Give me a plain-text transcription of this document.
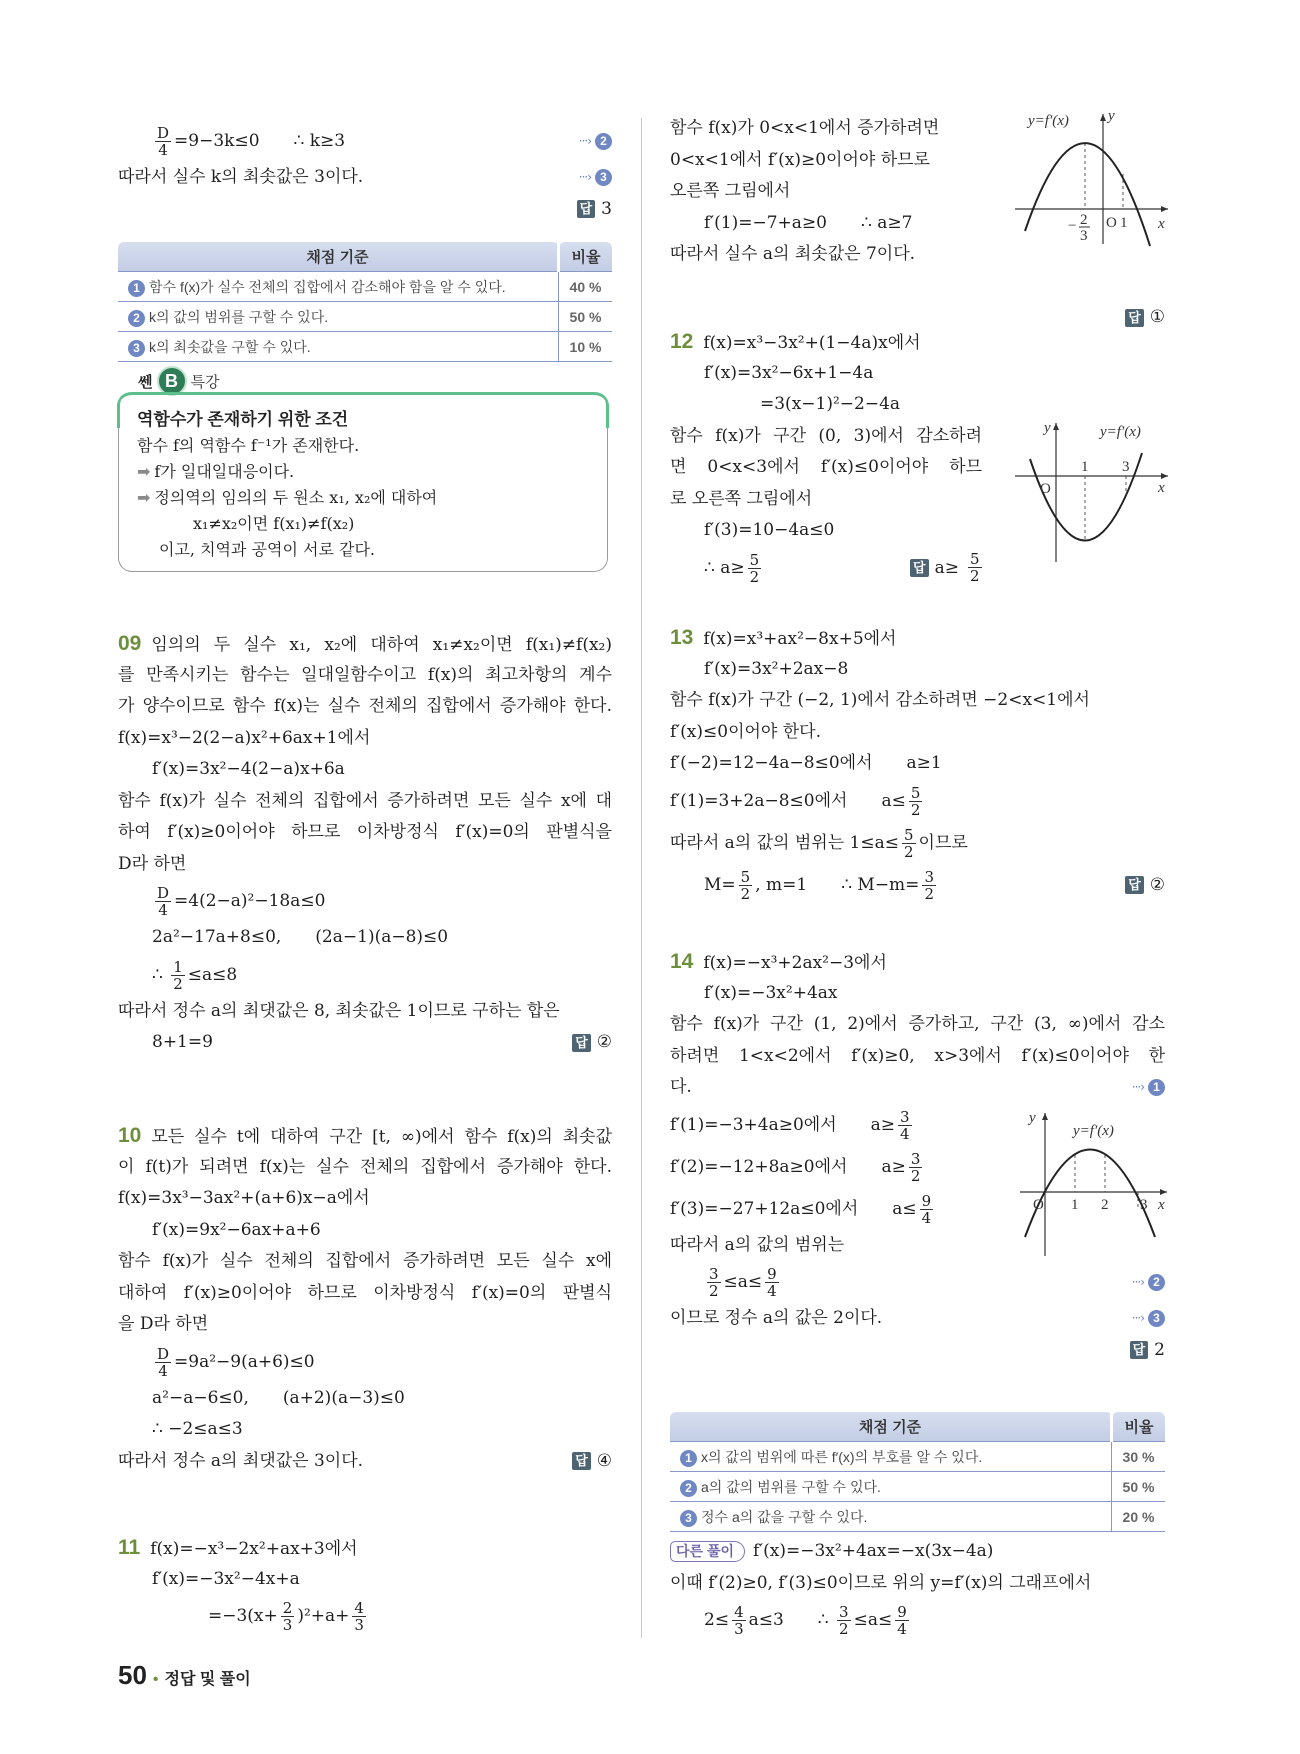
$\frac{D}{4} =9-3k\le 0$  ∴ k≥3	···› 2
따라서 실수 k의 최솟값은 3이다.	···› 3
답 3
채점 기준	비율
1 함수 f(x)가 실수 전체의 집합에서 감소해야 함을 알 수 있다.	40 %
2 k의 값의 범위를 구할 수 있다.	50 %
3 k의 최솟값을 구할 수 있다.	10 %
쎈 B 특강
역함수가 존재하기 위한 조건
함수 f의 역함수 f⁻¹가 존재한다.
➡ f가 일대일대응이다.
➡ 정의역의 임의의 두 원소 x₁, x₂에 대하여
x₁≠x₂이면 f(x₁)≠f(x₂)
이고, 치역과 공역이 서로 같다.
09 임의의 두 실수 x₁, x₂에 대하여 x₁≠x₂이면 f(x₁)≠f(x₂)
를 만족시키는 함수는 일대일함수이고 f(x)의 최고차항의 계수
가 양수이므로 함수 f(x)는 실수 전체의 집합에서 증가해야 한다.
f(x)=x³−2(2−a)x²+6ax+1에서
f′(x)=3x²−4(2−a)x+6a
함수 f(x)가 실수 전체의 집합에서 증가하려면 모든 실수 x에 대
하여 f′(x)≥0이어야 하므로 이차방정식 f′(x)=0의 판별식을
D라 하면
$\frac{D}{4} =4(2-a)^2-18a\le 0$
2a²−17a+8≤0,  (2a−1)(a−8)≤0
∴ $\frac{1}{2} \le a\le 8$
따라서 정수 a의 최댓값은 8, 최솟값은 1이므로 구하는 합은
8+1=9	답 ②
10 모든 실수 t에 대하여 구간 [t, ∞)에서 함수 f(x)의 최솟값
이 f(t)가 되려면 f(x)는 실수 전체의 집합에서 증가해야 한다.
f(x)=3x³−3ax²+(a+6)x−a에서
f′(x)=9x²−6ax+a+6
함수 f(x)가 실수 전체의 집합에서 증가하려면 모든 실수 x에
대하여 f′(x)≥0이어야 하므로 이차방정식 f′(x)=0의 판별식
을 D라 하면
$\frac{D}{4} =9a^2-9(a+6)\le 0$
a²−a−6≤0,  (a+2)(a−3)≤0
∴ −2≤a≤3
따라서 정수 a의 최댓값은 3이다.	답 ④
11 f(x)=−x³−2x²+ax+3에서
f′(x)=−3x²−4x+a
$=-3(x+ \frac{2}{3} )^2+a+ \frac{4}{3}$
50 • 정답 및 풀이
함수 f(x)가 0<x<1에서 증가하려면
0<x<1에서 f′(x)≥0이어야 하므로
오른쪽 그림에서
f′(1)=−7+a≥0  ∴ a≥7
따라서 실수 a의 최솟값은 7이다.
답 ①
y=f′(x)	y
x
O 1
− 2
3
12 f(x)=x³−3x²+(1−4a)x에서
f′(x)=3x²−6x+1−4a
=3(x−1)²−2−4a
함수 f(x)가 구간 (0, 3)에서 감소하려
면 0<x<3에서 f′(x)≤0이어야 하므
로 오른쪽 그림에서
f′(3)=10−4a≤0
∴ $a\ge \frac{5}{2}$	답 $a\ge \frac{5}{2}$
y	y=f′(x)
1 3
O	x
13 f(x)=x³+ax²−8x+5에서
f′(x)=3x²+2ax−8
함수 f(x)가 구간 (−2, 1)에서 감소하려면 −2<x<1에서
f′(x)≤0이어야 한다.
f′(−2)=12−4a−8≤0에서  a≥1
f′(1)=3+2a−8≤0에서  $a\le \frac{5}{2}$
따라서 a의 값의 범위는 $1\le a\le \frac{5}{2}$ 이므로
$M= \frac{5}{2}$ , m=1  ∴ $M-m= \frac{3}{2}$	답 ②
14 f(x)=−x³+2ax²−3에서
f′(x)=−3x²+4ax
함수 f(x)가 구간 (1, 2)에서 증가하고, 구간 (3, ∞)에서 감소
하려면 1<x<2에서 f′(x)≥0, x>3에서 f′(x)≤0이어야 한
다.	···› 1
f′(1)=−3+4a≥0에서  $a\ge \frac{3}{4}$
f′(2)=−12+8a≥0에서  $a\ge \frac{3}{2}$
f′(3)=−27+12a≤0에서  $a\le \frac{9}{4}$
따라서 a의 값의 범위는
$\frac{3}{2} \le a\le \frac{9}{4}$	···› 2
이므로 정수 a의 값은 2이다.	···› 3
답 2
y
y=f′(x)
O 1 2 3 x
채점 기준	비율
1 x의 값의 범위에 따른 f′(x)의 부호를 알 수 있다.	30 %
2 a의 값의 범위를 구할 수 있다.	50 %
3 정수 a의 값을 구할 수 있다.	20 %
다른 풀이 f′(x)=−3x²+4ax=−x(3x−4a)
이때 f′(2)≥0, f′(3)≤0이므로 위의 y=f′(x)의 그래프에서
$2\le \frac{4}{3} a\le 3$  ∴ $\frac{3}{2} \le a\le \frac{9}{4}$
